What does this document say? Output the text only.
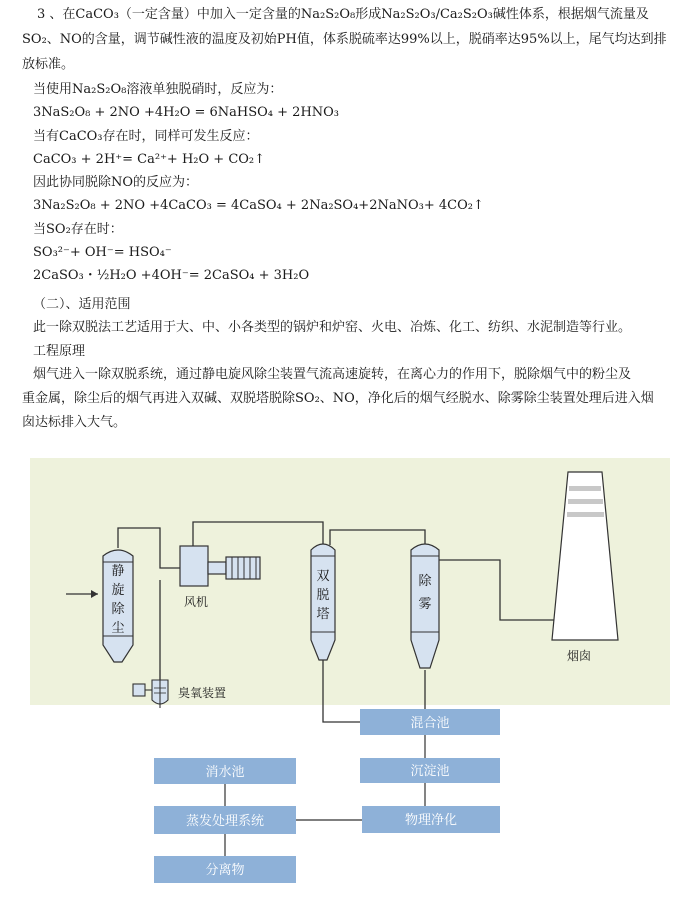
3 、在CaCO₃（一定含量）中加入一定含量的Na₂S₂O₈形成Na₂S₂O₃/Ca₂S₂O₃碱性体系，根据烟气流量及
SO₂、NO的含量，调节碱性液的温度及初始PH值，体系脱硫率达99%以上，脱硝率达95%以上，尾气均达到排
放标准。
当使用Na₂S₂O₈溶液单独脱硝时，反应为：
3NaS₂O₈ + 2NO +4H₂O = 6NaHSO₄ + 2HNO₃
当有CaCO₃存在时，同样可发生反应：
CaCO₃ + 2H⁺= Ca²⁺+ H₂O + CO₂↑
因此协同脱除NO的反应为：
3Na₂S₂O₈ + 2NO +4CaCO₃ = 4CaSO₄ + 2Na₂SO₄+2NaNO₃+ 4CO₂↑
当SO₂存在时：
SO₃²⁻+ OH⁻= HSO₄⁻
2CaSO₃・½H₂O +4OH⁻= 2CaSO₄ + 3H₂O
（二）、适用范围
此一除双脱法工艺适用于大、中、小各类型的锅炉和炉窑、火电、冶炼、化工、纺织、水泥制造等行业。
工程原理
烟气进入一除双脱系统，通过静电旋风除尘装置气流高速旋转，在离心力的作用下，脱除烟气中的粉尘及
重金属，除尘后的烟气再进入双碱、双脱塔脱除SO₂、NO，净化后的烟气经脱水、除雾除尘装置处理后进入烟
囱达标排入大气。
静
旋
除
尘
双
脱
塔
除
雾
风机
烟囱
臭氧装置
混合池
沉淀池
物理净化
消水池
蒸发处理系统
分离物
